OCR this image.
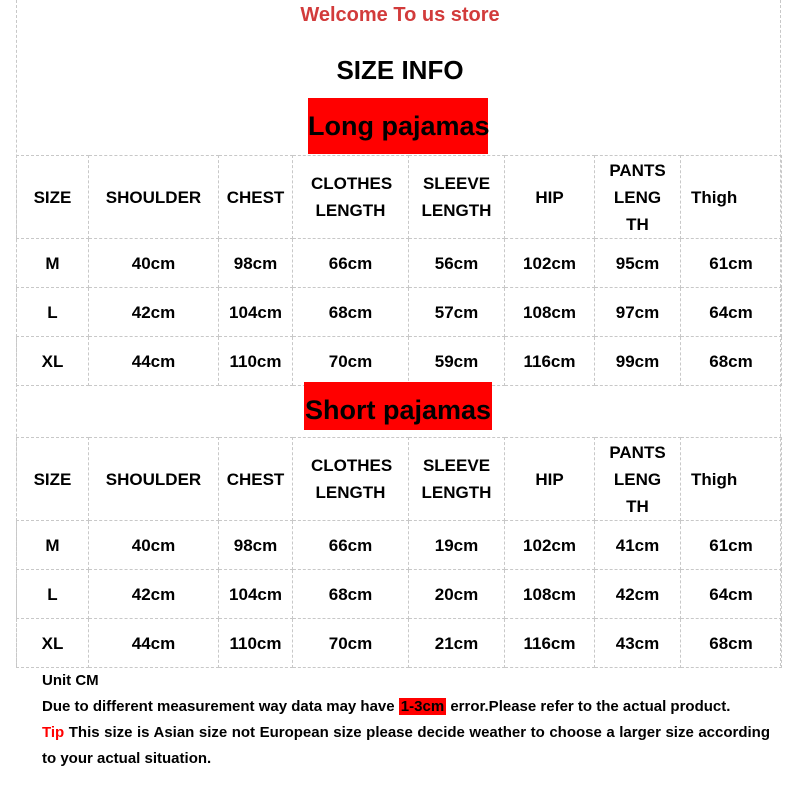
Welcome To us store
SIZE INFO
Long pajamas
SIZE	SHOULDER	CHEST	CLOTHES LENGTH	SLEEVE LENGTH	HIP	PANTS LENGTH	Thigh
M	40cm	98cm	66cm	56cm	102cm	95cm	61cm
L	42cm	104cm	68cm	57cm	108cm	97cm	64cm
XL	44cm	110cm	70cm	59cm	116cm	99cm	68cm
Short pajamas
SIZE	SHOULDER	CHEST	CLOTHES LENGTH	SLEEVE LENGTH	HIP	PANTS LENGTH	Thigh
M	40cm	98cm	66cm	19cm	102cm	41cm	61cm
L	42cm	104cm	68cm	20cm	108cm	42cm	64cm
XL	44cm	110cm	70cm	21cm	116cm	43cm	68cm
Unit CM

Due to different measurement way data may have 1-3cm error.Please refer to the actual product.

Tip This size is Asian size not European size please decide weather to choose a larger size according to your actual situation.
